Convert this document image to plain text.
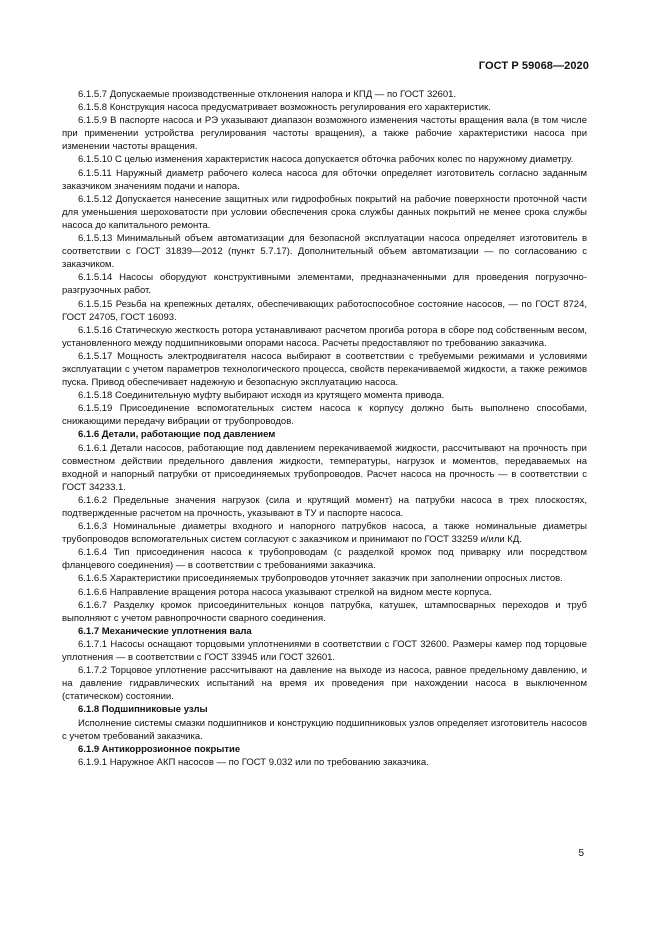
ГОСТ Р 59068—2020

6.1.5.7 Допускаемые производственные отклонения напора и КПД — по ГОСТ 32601.

6.1.5.8 Конструкция насоса предусматривает возможность регулирования его характеристик.

6.1.5.9 В паспорте насоса и РЭ указывают диапазон возможного изменения частоты вращения вала (в том числе при применении устройства регулирования частоты вращения), а также рабочие характеристики насоса при изменении частоты вращения.

6.1.5.10 С целью изменения характеристик насоса допускается обточка рабочих колес по наружному диаметру.

6.1.5.11 Наружный диаметр рабочего колеса насоса для обточки определяет изготовитель согласно заданным заказчиком значениям подачи и напора.

6.1.5.12 Допускается нанесение защитных или гидрофобных покрытий на рабочие поверхности проточной части для уменьшения шероховатости при условии обеспечения срока службы данных покрытий не менее срока службы насоса до капитального ремонта.

6.1.5.13 Минимальный объем автоматизации для безопасной эксплуатации насоса определяет изготовитель в соответствии с ГОСТ 31839—2012 (пункт 5.7.17). Дополнительный объем автоматизации — по согласованию с заказчиком.

6.1.5.14 Насосы оборудуют конструктивными элементами, предназначенными для проведения погрузочно-разгрузочных работ.

6.1.5.15 Резьба на крепежных деталях, обеспечивающих работоспособное состояние насосов, — по ГОСТ 8724, ГОСТ 24705, ГОСТ 16093.

6.1.5.16 Статическую жесткость ротора устанавливают расчетом прогиба ротора в сборе под собственным весом, установленного между подшипниковыми опорами насоса. Расчеты предоставляют по требованию заказчика.

6.1.5.17 Мощность электродвигателя насоса выбирают в соответствии с требуемыми режимами и условиями эксплуатации с учетом параметров технологического процесса, свойств перекачиваемой жидкости, а также режимов пуска. Привод обеспечивает надежную и безопасную эксплуатацию насоса.

6.1.5.18 Соединительную муфту выбирают исходя из крутящего момента привода.

6.1.5.19 Присоединение вспомогательных систем насоса к корпусу должно быть выполнено способами, снижающими передачу вибрации от трубопроводов.

6.1.6 Детали, работающие под давлением

6.1.6.1 Детали насосов, работающие под давлением перекачиваемой жидкости, рассчитывают на прочность при совместном действии предельного давления жидкости, температуры, нагрузок и моментов, передаваемых на входной и напорный патрубки от присоединяемых трубопроводов. Расчет насоса на прочность — в соответствии с ГОСТ 34233.1.

6.1.6.2 Предельные значения нагрузок (сила и крутящий момент) на патрубки насоса в трех плоскостях, подтвержденные расчетом на прочность, указывают в ТУ и паспорте насоса.

6.1.6.3 Номинальные диаметры входного и напорного патрубков насоса, а также номинальные диаметры трубопроводов вспомогательных систем согласуют с заказчиком и принимают по ГОСТ 33259 и/или КД.

6.1.6.4 Тип присоединения насоса к трубопроводам (с разделкой кромок под приварку или посредством фланцевого соединения) — в соответствии с требованиями заказчика.

6.1.6.5 Характеристики присоединяемых трубопроводов уточняет заказчик при заполнении опросных листов.

6.1.6.6 Направление вращения ротора насоса указывают стрелкой на видном месте корпуса.

6.1.6.7 Разделку кромок присоединительных концов патрубка, катушек, штампосварных переходов и труб выполняют с учетом равнопрочности сварного соединения.

6.1.7 Механические уплотнения вала

6.1.7.1 Насосы оснащают торцовыми уплотнениями в соответствии с ГОСТ 32600. Размеры камер под торцовые уплотнения — в соответствии с ГОСТ 33945 или ГОСТ 32601.

6.1.7.2 Торцовое уплотнение рассчитывают на давление на выходе из насоса, равное предельному давлению, и на давление гидравлических испытаний на время их проведения при нахождении насоса в выключенном (статическом) состоянии.

6.1.8 Подшипниковые узлы

Исполнение системы смазки подшипников и конструкцию подшипниковых узлов определяет изготовитель насосов с учетом требований заказчика.

6.1.9 Антикоррозионное покрытие

6.1.9.1 Наружное АКП насосов — по ГОСТ 9.032 или по требованию заказчика.

5
